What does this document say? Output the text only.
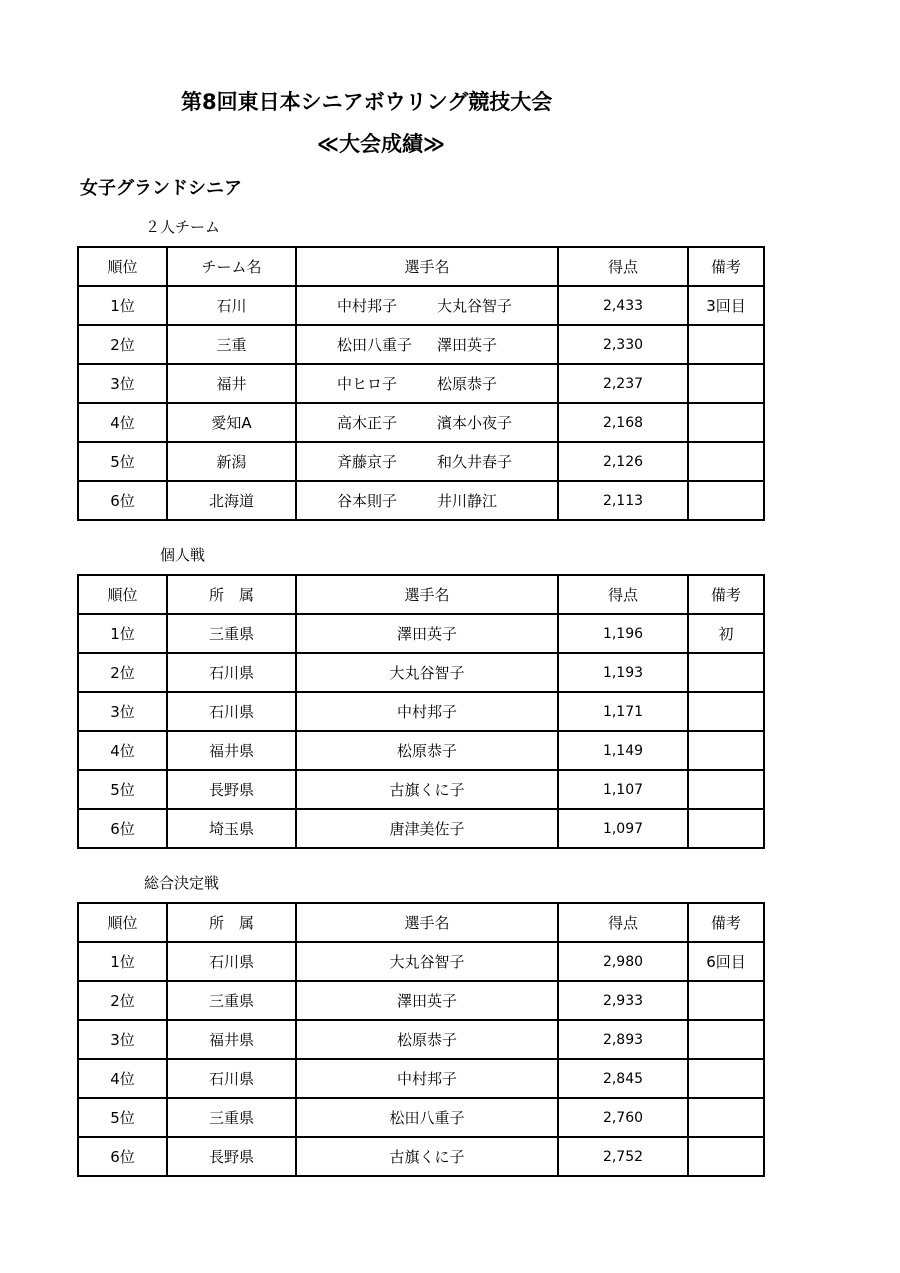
第8回東日本シニアボウリング競技大会
≪大会成績≫
女子グランドシニア
２人チーム
順位	チーム名	選手名	得点	備考
1位	石川	中村邦子 大丸谷智子	2,433	3回目
2位	三重	松田八重子 澤田英子	2,330	
3位	福井	中ヒロ子 松原恭子	2,237	
4位	愛知A	高木正子 濱本小夜子	2,168	
5位	新潟	斉藤京子 和久井春子	2,126	
6位	北海道	谷本則子 井川静江	2,113	
個人戦
順位	所　属	選手名	得点	備考
1位	三重県	澤田英子	1,196	初
2位	石川県	大丸谷智子	1,193	
3位	石川県	中村邦子	1,171	
4位	福井県	松原恭子	1,149	
5位	長野県	古旗くに子	1,107	
6位	埼玉県	唐津美佐子	1,097	
総合決定戦
順位	所　属	選手名	得点	備考
1位	石川県	大丸谷智子	2,980	6回目
2位	三重県	澤田英子	2,933	
3位	福井県	松原恭子	2,893	
4位	石川県	中村邦子	2,845	
5位	三重県	松田八重子	2,760	
6位	長野県	古旗くに子	2,752	
